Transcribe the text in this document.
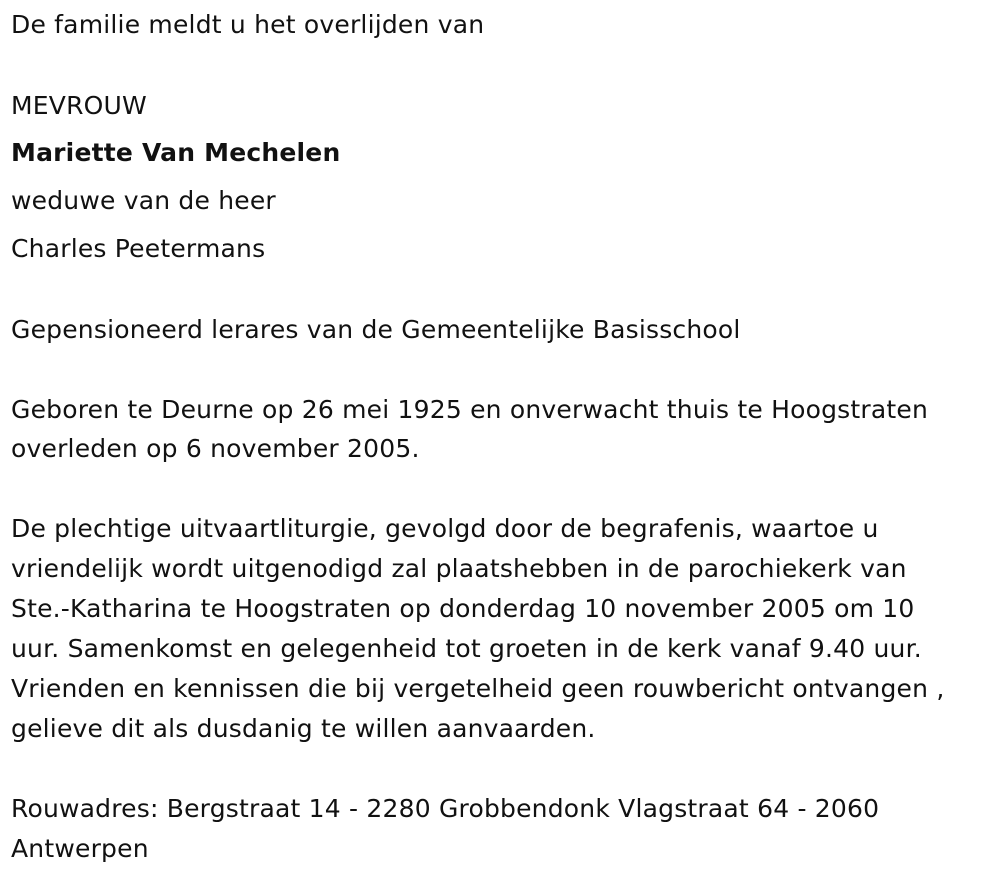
De familie meldt u het overlijden van
MEVROUW
Mariette Van Mechelen
weduwe van de heer
Charles Peetermans
Gepensioneerd lerares van de Gemeentelijke Basisschool
Geboren te Deurne op 26 mei 1925 en onverwacht thuis te Hoogstraten
overleden op 6 november 2005.
De plechtige uitvaartliturgie, gevolgd door de begrafenis, waartoe u
vriendelijk wordt uitgenodigd zal plaatshebben in de parochiekerk van
Ste.-Katharina te Hoogstraten op donderdag 10 november 2005 om 10
uur. Samenkomst en gelegenheid tot groeten in de kerk vanaf 9.40 uur.
Vrienden en kennissen die bij vergetelheid geen rouwbericht ontvangen ,
gelieve dit als dusdanig te willen aanvaarden.
Rouwadres: Bergstraat 14 - 2280 Grobbendonk Vlagstraat 64 - 2060
Antwerpen
